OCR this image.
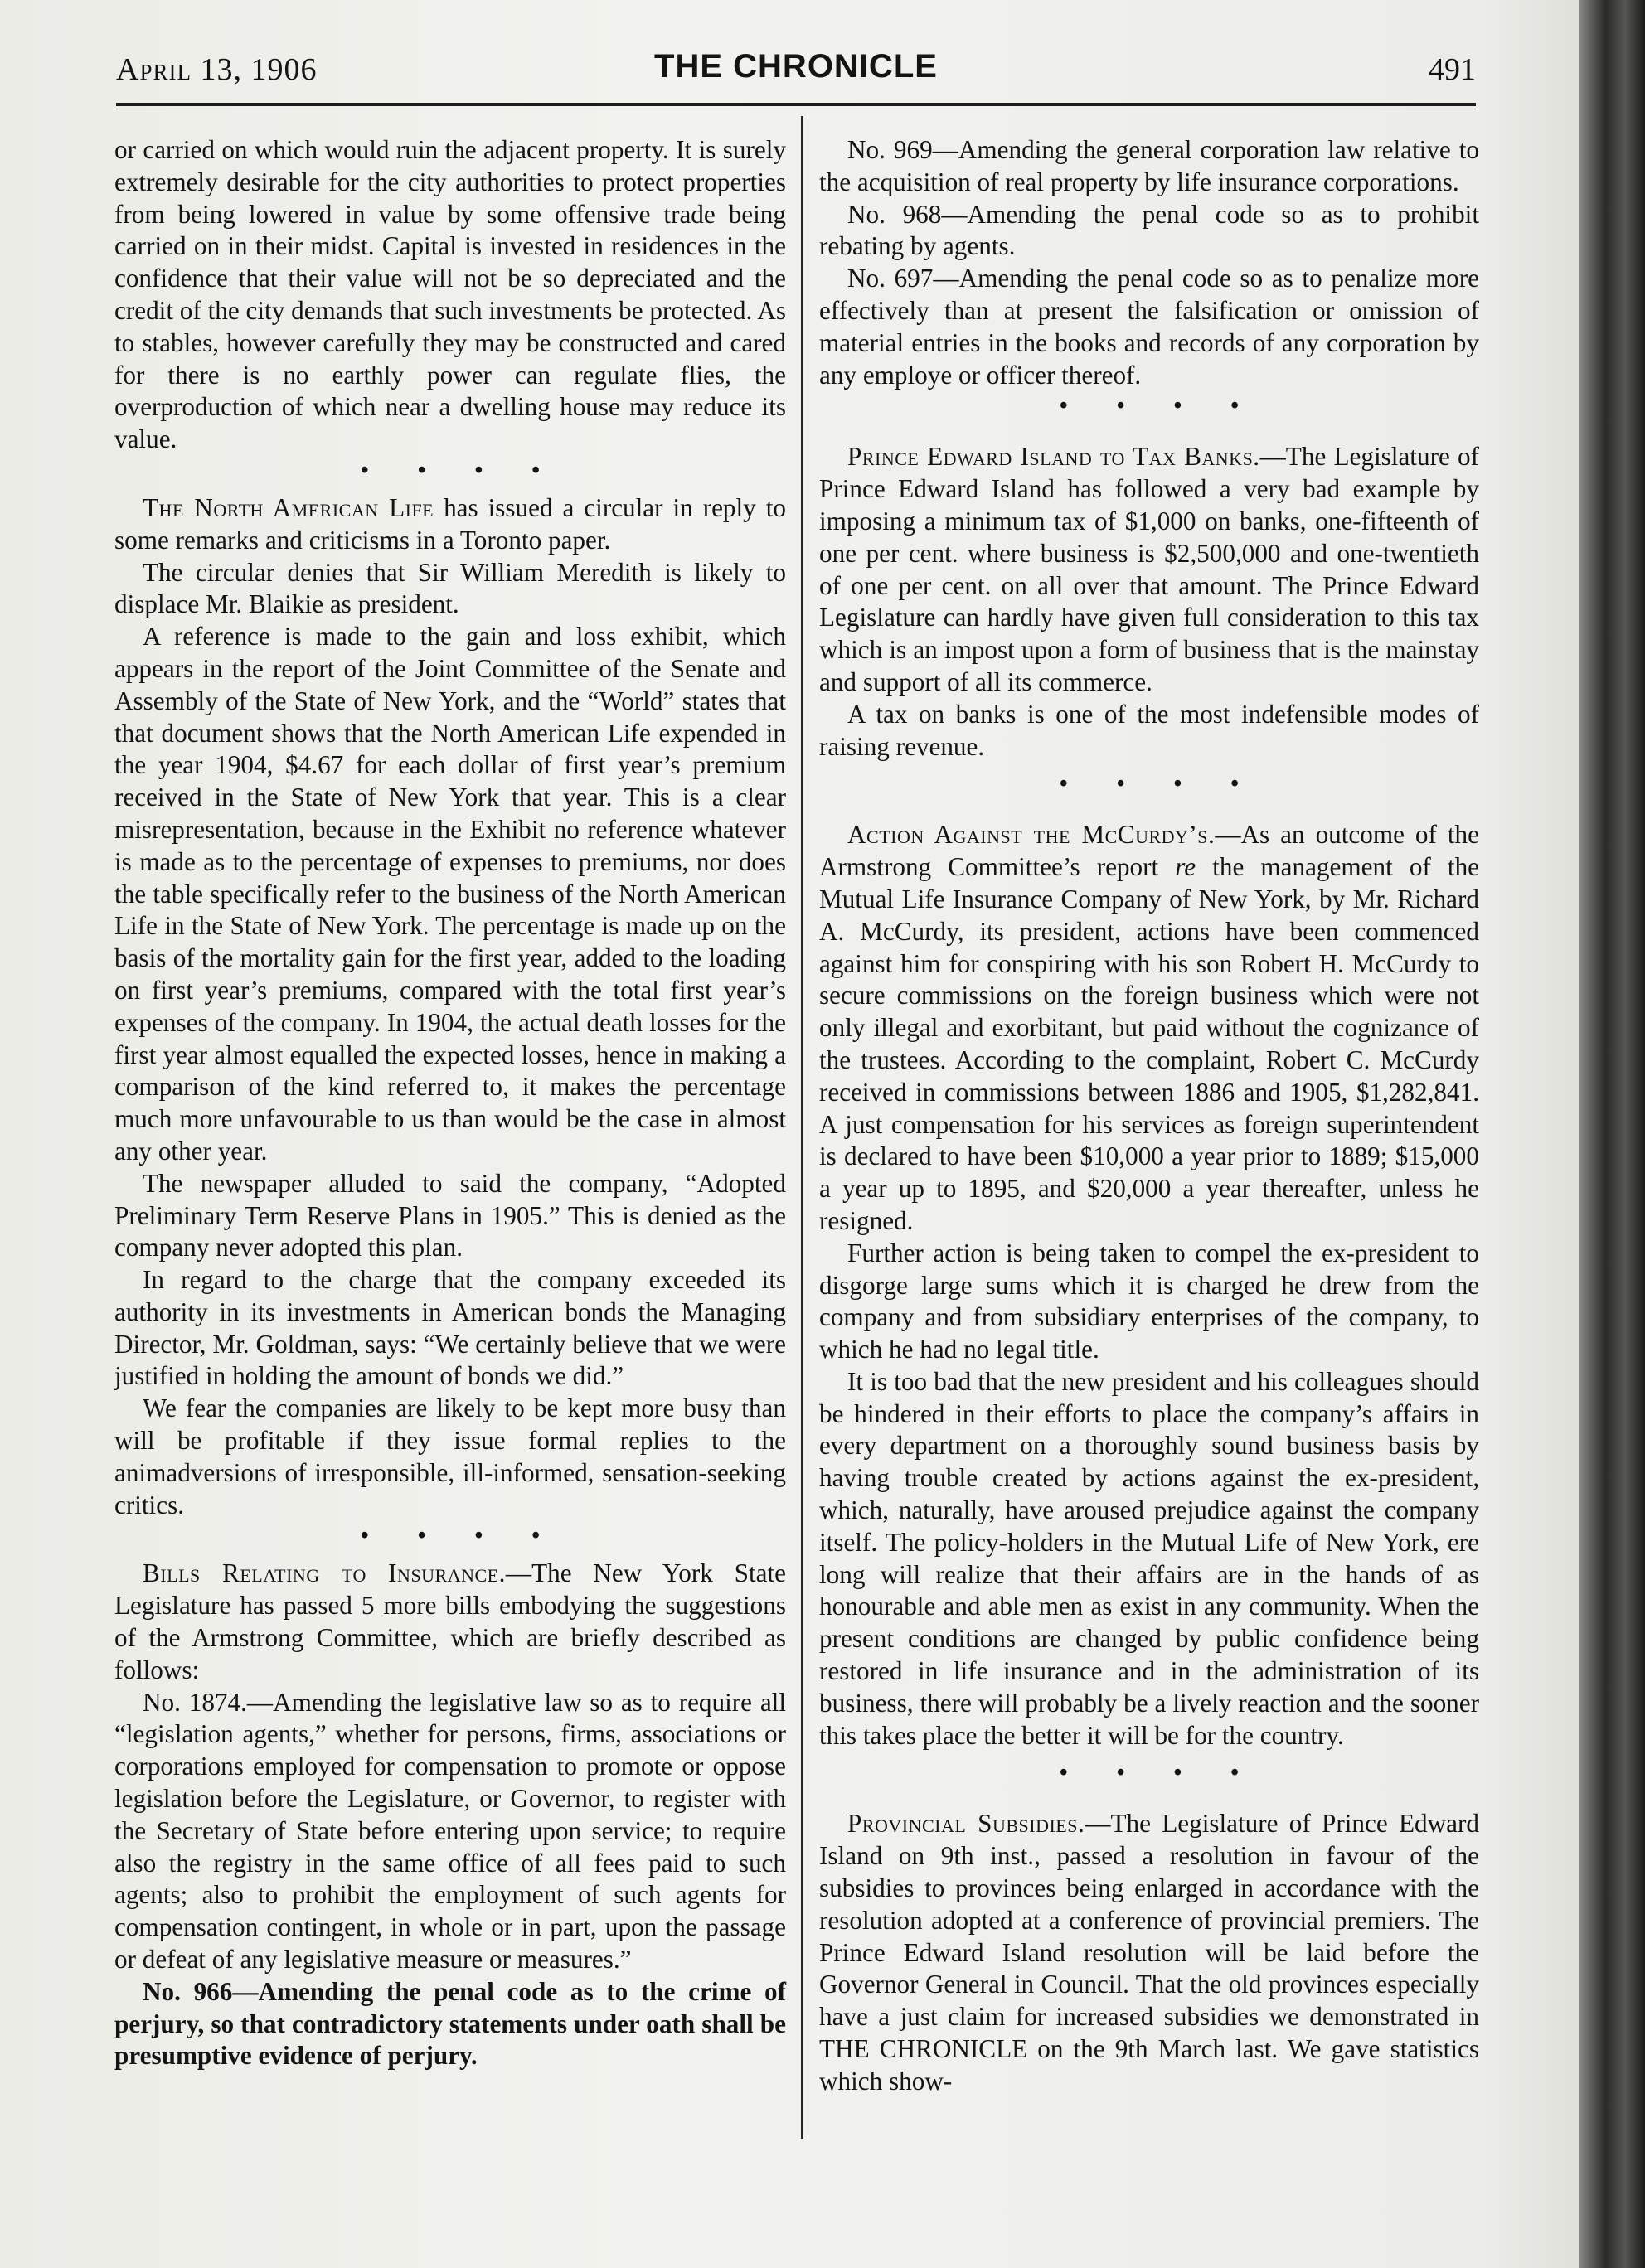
April 13, 1906	THE CHRONICLE	491

or carried on which would ruin the adjacent property. It is surely extremely desirable for the city authorities to protect properties from being lowered in value by some offensive trade being carried on in their midst. Capital is invested in residences in the confidence that their value will not be so depreciated and the credit of the city demands that such investments be protected. As to stables, however carefully they may be constructed and cared for there is no earthly power can regulate flies, the overproduction of which near a dwelling house may reduce its value.

• • • •

The North American Life has issued a circular in reply to some remarks and criticisms in a Toronto paper.

The circular denies that Sir William Meredith is likely to displace Mr. Blaikie as president.

A reference is made to the gain and loss exhibit, which appears in the report of the Joint Committee of the Senate and Assembly of the State of New York, and the “World” states that that document shows that the North American Life expended in the year 1904, $4.67 for each dollar of first year’s premium received in the State of New York that year. This is a clear misrepresentation, because in the Exhibit no reference whatever is made as to the percentage of expenses to premiums, nor does the table specifically refer to the business of the North American Life in the State of New York. The percentage is made up on the basis of the mortality gain for the first year, added to the loading on first year’s premiums, compared with the total first year’s expenses of the company. In 1904, the actual death losses for the first year almost equalled the expected losses, hence in making a comparison of the kind referred to, it makes the percentage much more unfavourable to us than would be the case in almost any other year.

The newspaper alluded to said the company, “Adopted Preliminary Term Reserve Plans in 1905.” This is denied as the company never adopted this plan.

In regard to the charge that the company exceeded its authority in its investments in American bonds the Managing Director, Mr. Goldman, says: “We certainly believe that we were justified in holding the amount of bonds we did.”

We fear the companies are likely to be kept more busy than will be profitable if they issue formal replies to the animadversions of irresponsible, ill-informed, sensation-seeking critics.

• • • •

Bills Relating to Insurance.—The New York State Legislature has passed 5 more bills embodying the suggestions of the Armstrong Committee, which are briefly described as follows:

No. 1874.—Amending the legislative law so as to require all “legislation agents,” whether for persons, firms, associations or corporations employed for compensation to promote or oppose legislation before the Legislature, or Governor, to register with the Secretary of State before entering upon service; to require also the registry in the same office of all fees paid to such agents; also to prohibit the employment of such agents for compensation contingent, in whole or in part, upon the passage or defeat of any legislative measure or measures.”

No. 966—Amending the penal code as to the crime of perjury, so that contradictory statements under oath shall be presumptive evidence of perjury.

No. 969—Amending the general corporation law relative to the acquisition of real property by life insurance corporations.

No. 968—Amending the penal code so as to prohibit rebating by agents.

No. 697—Amending the penal code so as to penalize more effectively than at present the falsification or omission of material entries in the books and records of any corporation by any employe or officer thereof.

• • • •

Prince Edward Island to Tax Banks.—The Legislature of Prince Edward Island has followed a very bad example by imposing a minimum tax of $1,000 on banks, one-fifteenth of one per cent. where business is $2,500,000 and one-twentieth of one per cent. on all over that amount. The Prince Edward Legislature can hardly have given full consideration to this tax which is an impost upon a form of business that is the mainstay and support of all its commerce.

A tax on banks is one of the most indefensible modes of raising revenue.

• • • •

Action Against the McCurdy’s.—As an outcome of the Armstrong Committee’s report re the management of the Mutual Life Insurance Company of New York, by Mr. Richard A. McCurdy, its president, actions have been commenced against him for conspiring with his son Robert H. McCurdy to secure commissions on the foreign business which were not only illegal and exorbitant, but paid without the cognizance of the trustees. According to the complaint, Robert C. McCurdy received in commissions between 1886 and 1905, $1,282,841. A just compensation for his services as foreign superintendent is declared to have been $10,000 a year prior to 1889; $15,000 a year up to 1895, and $20,000 a year thereafter, unless he resigned.

Further action is being taken to compel the ex-president to disgorge large sums which it is charged he drew from the company and from subsidiary enterprises of the company, to which he had no legal title.

It is too bad that the new president and his colleagues should be hindered in their efforts to place the company’s affairs in every department on a thoroughly sound business basis by having trouble created by actions against the ex-president, which, naturally, have aroused prejudice against the company itself. The policy-holders in the Mutual Life of New York, ere long will realize that their affairs are in the hands of as honourable and able men as exist in any community. When the present conditions are changed by public confidence being restored in life insurance and in the administration of its business, there will probably be a lively reaction and the sooner this takes place the better it will be for the country.

• • • •

Provincial Subsidies.—The Legislature of Prince Edward Island on 9th inst., passed a resolution in favour of the subsidies to provinces being enlarged in accordance with the resolution adopted at a conference of provincial premiers. The Prince Edward Island resolution will be laid before the Governor General in Council. That the old provinces especially have a just claim for increased subsidies we demonstrated in THE CHRONICLE on the 9th March last. We gave statistics which show-
